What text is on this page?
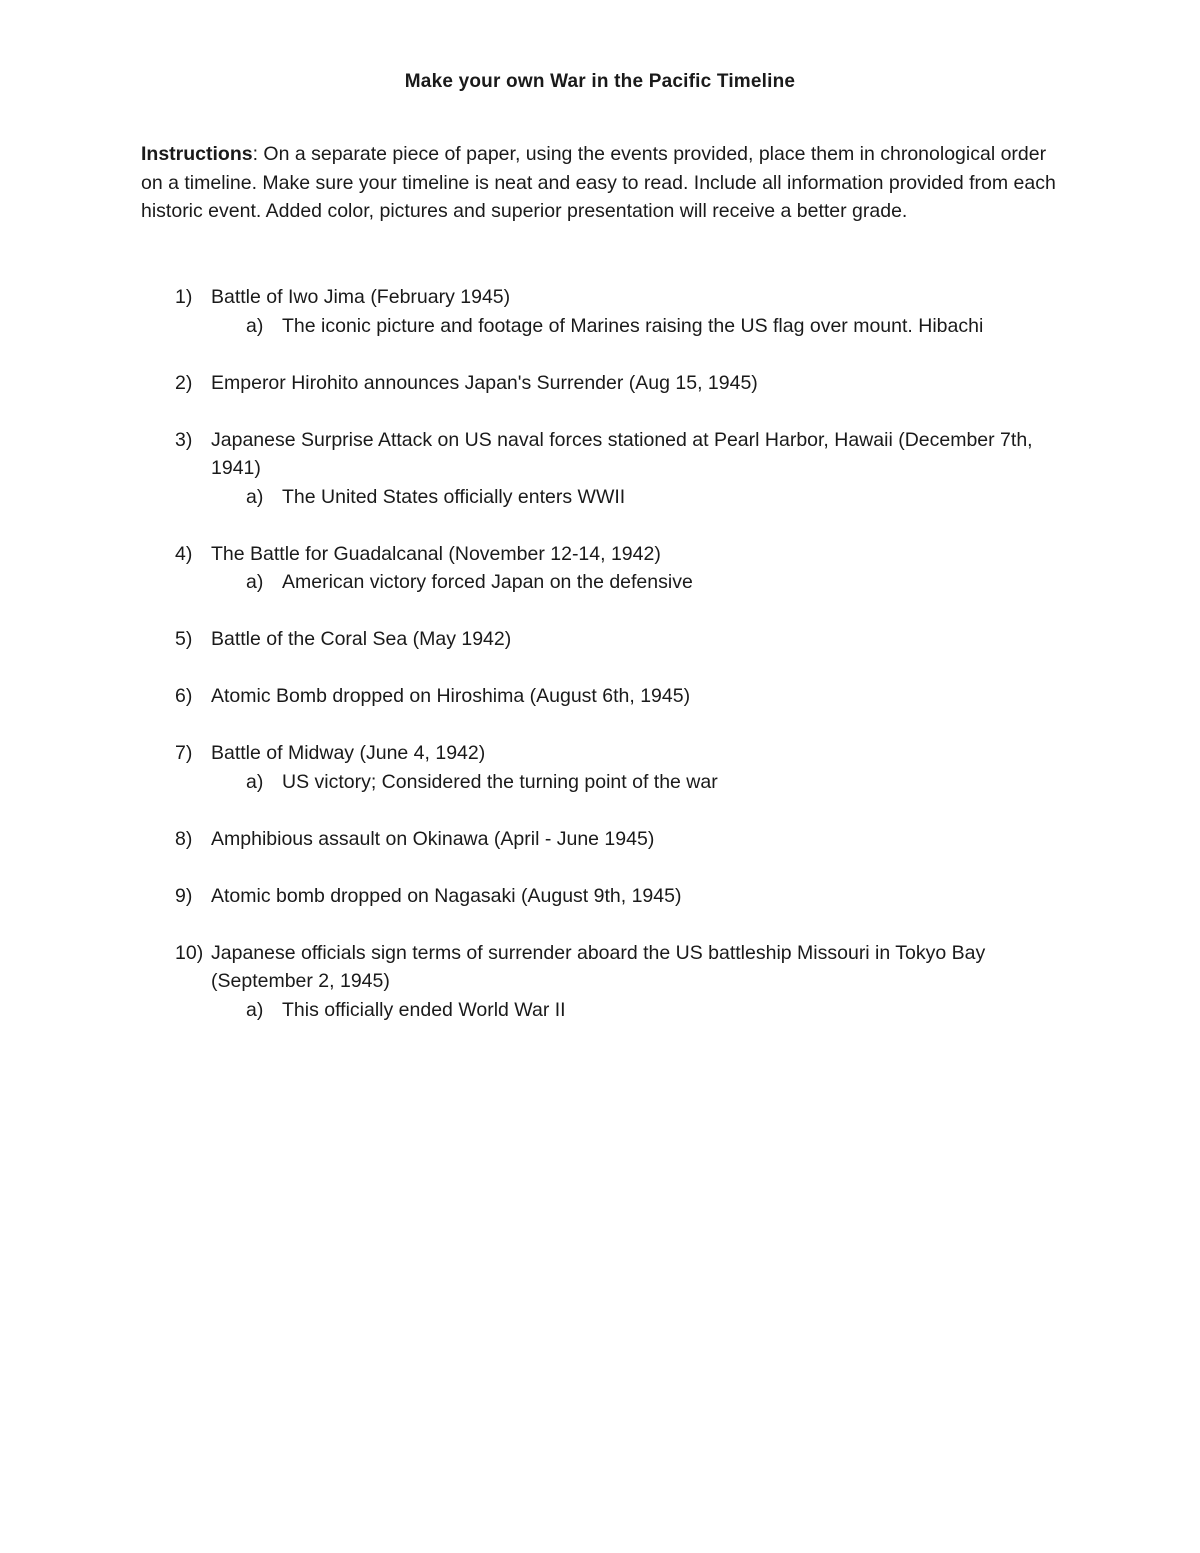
Make your own War in the Pacific Timeline

Instructions: On a separate piece of paper, using the events provided, place them in chronological order on a timeline. Make sure your timeline is neat and easy to read. Include all information provided from each historic event. Added color, pictures and superior presentation will receive a better grade.

1) Battle of Iwo Jima (February 1945)
a) The iconic picture and footage of Marines raising the US flag over mount. Hibachi
2) Emperor Hirohito announces Japan's Surrender (Aug 15, 1945)
3) Japanese Surprise Attack on US naval forces stationed at Pearl Harbor, Hawaii (December 7th, 1941)
a) The United States officially enters WWII
4) The Battle for Guadalcanal (November 12-14, 1942)
a) American victory forced Japan on the defensive
5) Battle of the Coral Sea (May 1942)
6) Atomic Bomb dropped on Hiroshima (August 6th, 1945)
7) Battle of Midway (June 4, 1942)
a) US victory; Considered the turning point of the war
8) Amphibious assault on Okinawa (April - June 1945)
9) Atomic bomb dropped on Nagasaki (August 9th, 1945)
10) Japanese officials sign terms of surrender aboard the US battleship Missouri in Tokyo Bay (September 2, 1945)
a) This officially ended World War II
